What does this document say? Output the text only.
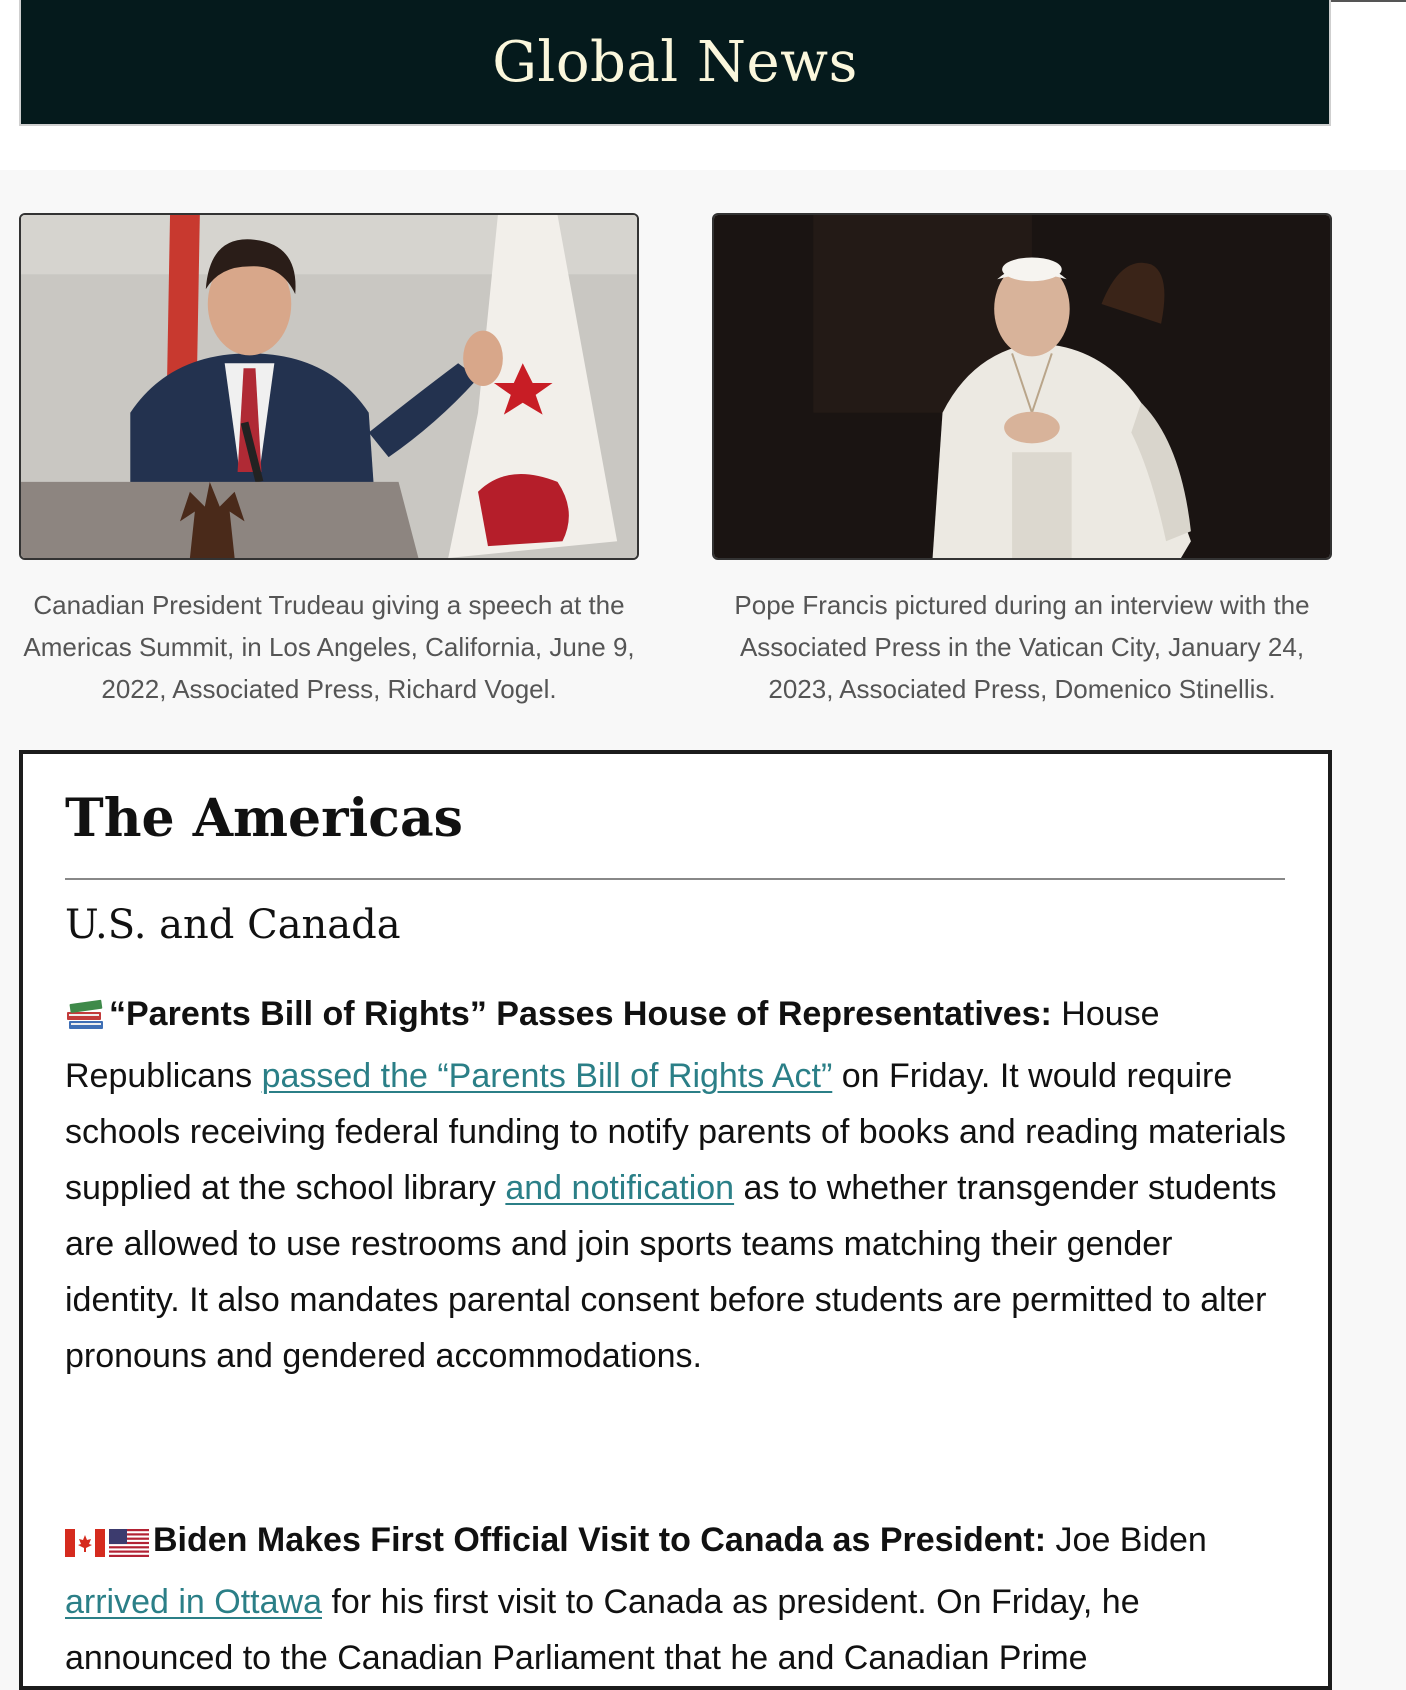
Global News
Canadian President Trudeau giving a speech at the Americas Summit, in Los Angeles, California, June 9, 2022, Associated Press, Richard Vogel.
Pope Francis pictured during an interview with the Associated Press in the Vatican City, January 24, 2023, Associated Press, Domenico Stinellis.
The Americas
U.S. and Canada

“Parents Bill of Rights” Passes House of Representatives: House Republicans passed the “Parents Bill of Rights Act” on Friday. It would require schools receiving federal funding to notify parents of books and reading materials supplied at the school library and notification as to whether transgender students are allowed to use restrooms and join sports teams matching their gender identity. It also mandates parental consent before students are permitted to alter pronouns and gendered accommodations.

Biden Makes First Official Visit to Canada as President: Joe Biden arrived in Ottawa for his first visit to Canada as president. On Friday, he announced to the Canadian Parliament that he and Canadian Prime
